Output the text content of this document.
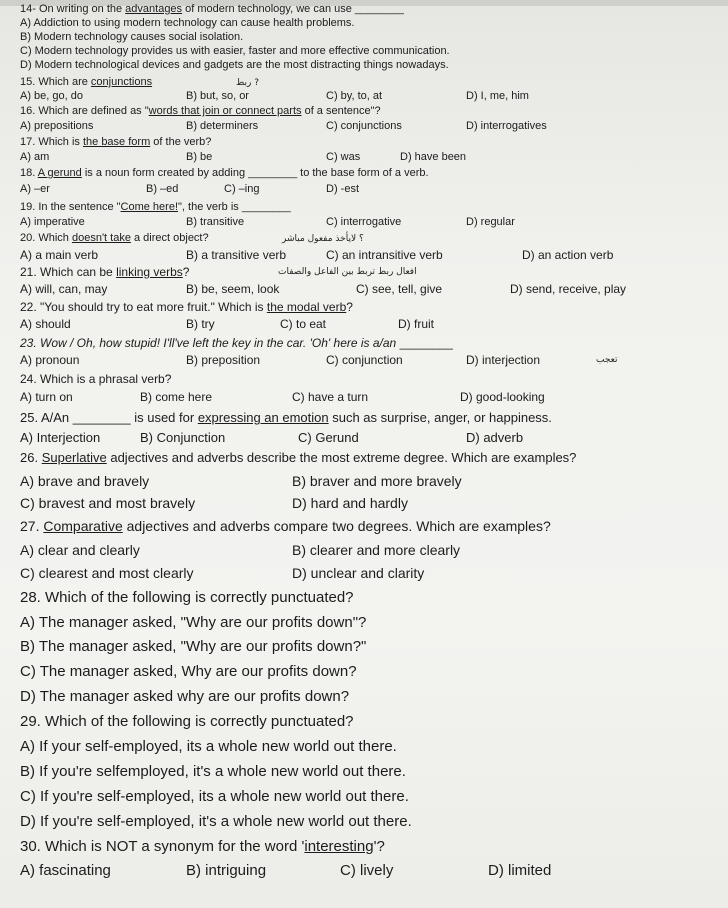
14- On writing on the advantages of modern technology, we can use ________
A) Addiction to using modern technology can cause health problems.
B) Modern technology causes social isolation.
C) Modern technology provides us with easier, faster and more effective communication.
D) Modern technological devices and gadgets are the most distracting things nowadays.
15. Which are conjunctions	ربط ?
A) be, go, do	B) but, so, or	C) by, to, at	D) I, me, him
16. Which are defined as "words that join or connect parts of a sentence"?
A) prepositions	B) determiners	C) conjunctions	D) interrogatives
17. Which is the base form of the verb?
A) am	B) be	C) was	D) have been
18. A gerund is a noun form created by adding ________ to the base form of a verb.
A) –er	B) –ed	C) –ing	D) -est
19. In the sentence "Come here!", the verb is ________
A) imperative	B) transitive	C) interrogative	D) regular
20. Which doesn't take a direct object?	؟ لايأخذ مفعول مباشر
A) a main verb	B) a transitive verb	C) an intransitive verb	D) an action verb
21. Which can be linking verbs?	افعال ربط تربط بين الفاعل والصفات
A) will, can, may	B) be, seem, look	C) see, tell, give	D) send, receive, play
22. "You should try to eat more fruit." Which is the modal verb?
A) should	B) try	C) to eat	D) fruit
23. Wow / Oh, how stupid! I'll've left the key in the car. 'Oh' here is a/an ________
A) pronoun	B) preposition	C) conjunction	D) interjection	تعجب
24. Which is a phrasal verb?
A) turn on	B) come here	C) have a turn	D) good-looking
25. A/An ________ is used for expressing an emotion such as surprise, anger, or happiness.
A) Interjection	B) Conjunction	C) Gerund	D) adverb
26. Superlative adjectives and adverbs describe the most extreme degree. Which are examples?
A) brave and bravely	B) braver and more bravely
C) bravest and most bravely	D) hard and hardly
27. Comparative adjectives and adverbs compare two degrees. Which are examples?
A) clear and clearly	B) clearer and more clearly
C) clearest and most clearly	D) unclear and clarity
28. Which of the following is correctly punctuated?
A) The manager asked, "Why are our profits down"?
B) The manager asked, "Why are our profits down?"
C) The manager asked, Why are our profits down?
D) The manager asked why are our profits down?
29. Which of the following is correctly punctuated?
A) If your self-employed, its a whole new world out there.
B) If you're selfemployed, it's a whole new world out there.
C) If you're self-employed, its a whole new world out there.
D) If you're self-employed, it's a whole new world out there.
30. Which is NOT a synonym for the word 'interesting'?
A) fascinating	B) intriguing	C) lively	D) limited
